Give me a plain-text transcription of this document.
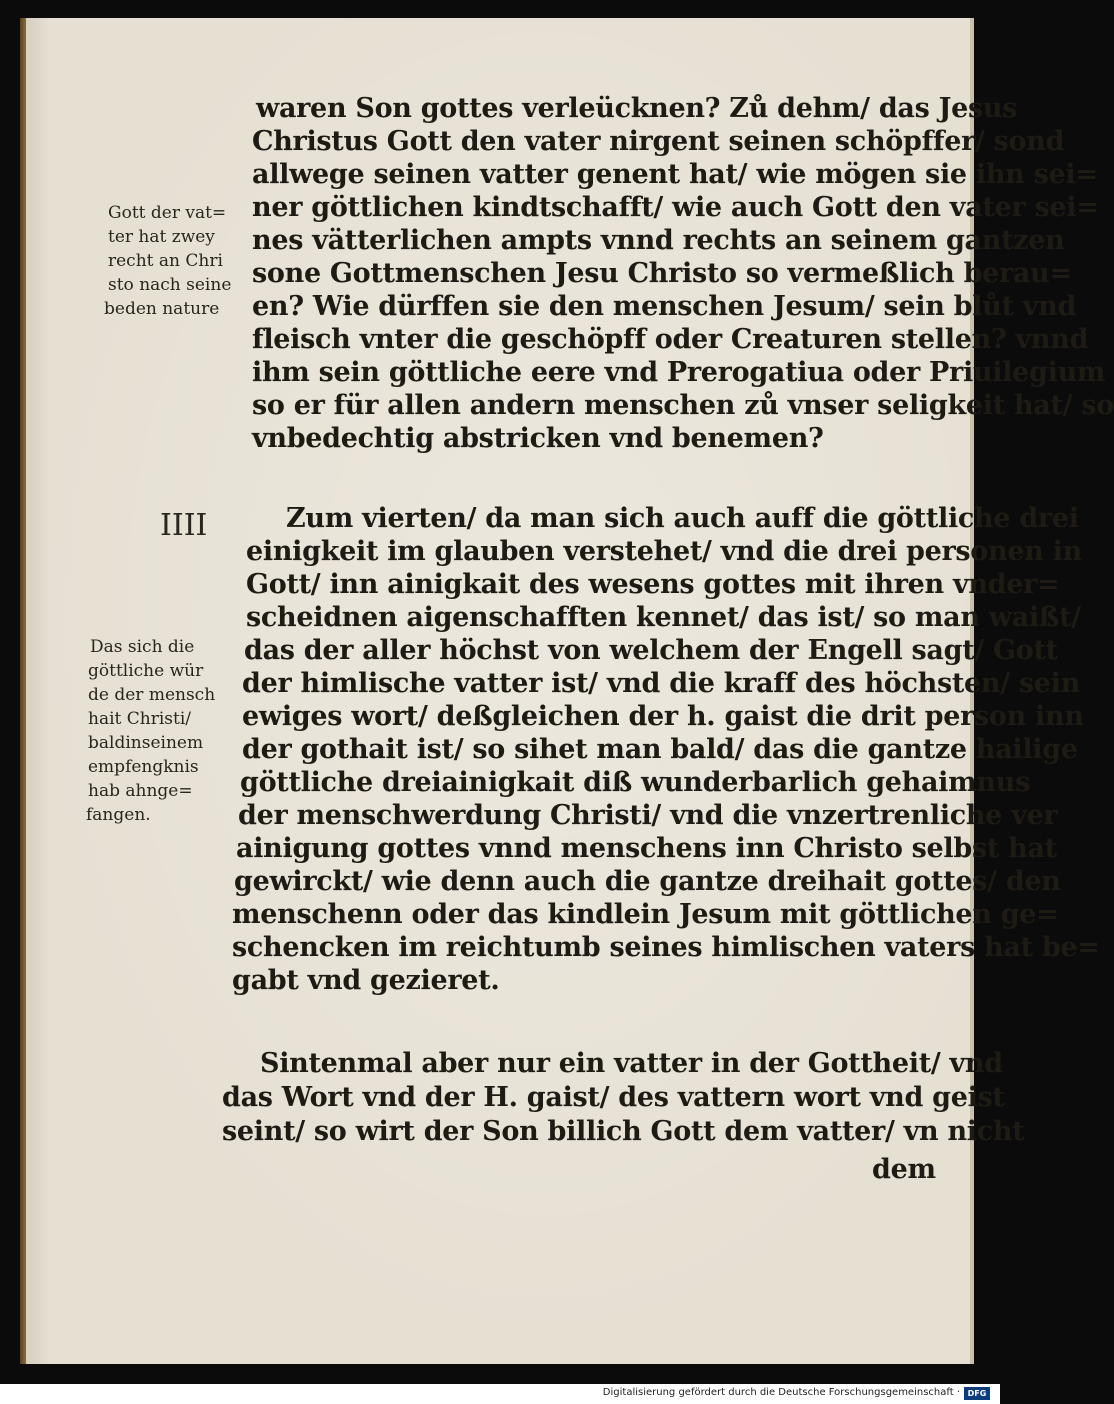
waren Son gottes verleücknen? Zů dehm/ das Jesus
Christus Gott den vater nirgent seinen schöpffer/ sond
allwege seinen vatter genent hat/ wie mögen sie ihn sei=
ner göttlichen kindtschafft/ wie auch Gott den vater sei=
nes vätterlichen ampts vnnd rechts an seinem gantzen
sone Gottmenschen Jesu Christo so vermeßlich berau=
en? Wie dürffen sie den menschen Jesum/ sein blůt vnd
fleisch vnter die geschöpff oder Creaturen stellen? vnnd
ihm sein göttliche eere vnd Prerogatiua oder Priuilegium
so er für allen andern menschen zů vnser seligkeit hat/ so
vnbedechtig abstricken vnd benemen?
IIII	Zum vierten/ da man sich auch auff die göttliche drei
einigkeit im glauben verstehet/ vnd die drei personen in
Gott/ inn ainigkait des wesens gottes mit ihren vnder=
scheidnen aigenschafften kennet/ das ist/ so man waißt/
das der aller höchst von welchem der Engell sagt/ Gott
der himlische vatter ist/ vnd die kraff des höchsten/ sein
ewiges wort/ deßgleichen der h. gaist die drit person inn
der gothait ist/ so sihet man bald/ das die gantze hailige
göttliche dreiainigkait diß wunderbarlich gehaimnus
der menschwerdung Christi/ vnd die vnzertrenliche ver
ainigung gottes vnnd menschens inn Christo selbst hat
gewirckt/ wie denn auch die gantze dreihait gottes/ den
menschenn oder das kindlein Jesum mit göttlichen ge=
schencken im reichtumb seines himlischen vaters hat be=
gabt vnd gezieret.
Sintenmal aber nur ein vatter in der Gottheit/ vnd
das Wort vnd der H. gaist/ des vattern wort vnd geist
seint/ so wirt der Son billich Gott dem vatter/ vn nicht
dem
Gott der vat=
ter hat zwey
recht an Chri
sto nach seine
beden nature
Das sich die
göttliche wür
de der mensch
hait Christi/
baldinseinem
empfengknis
hab ahnge=
fangen.
Digitalisierung gefördert durch die Deutsche Forschungsgemeinschaft · DFG
